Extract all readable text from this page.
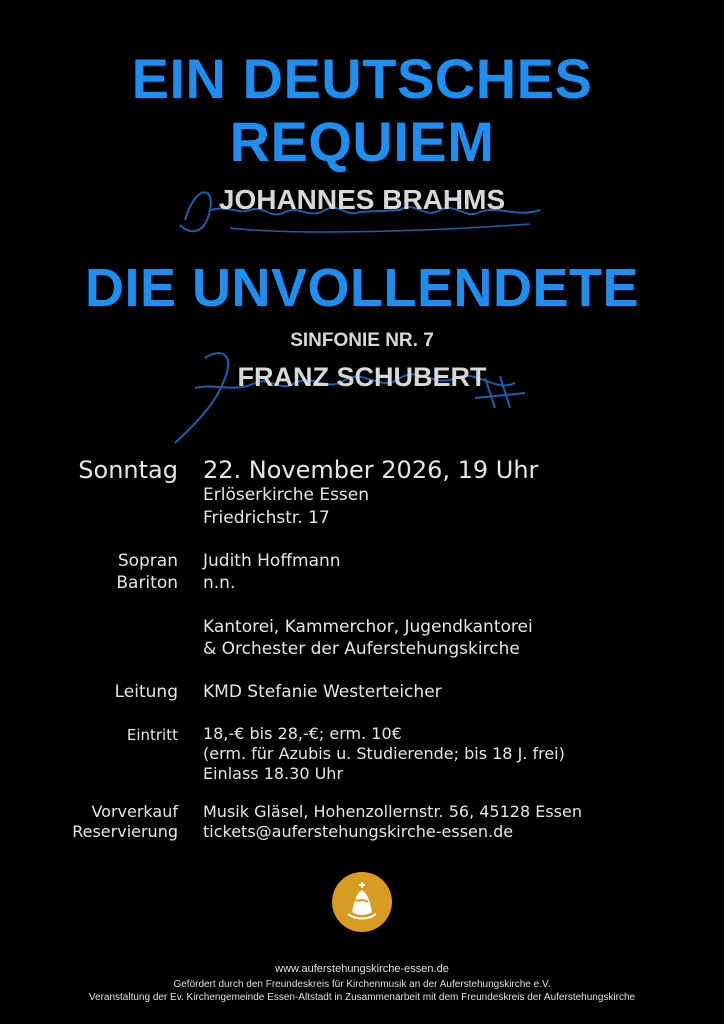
EIN DEUTSCHES
REQUIEM
JOHANNES BRAHMS
DIE UNVOLLENDETE
SINFONIE NR. 7
FRANZ SCHUBERT
Sonntag 22. November 2026, 19 Uhr
Erlöserkirche Essen
Friedrichstr. 17
Sopran Judith Hoffmann
Bariton n.n.
Kantorei, Kammerchor, Jugendkantorei
& Orchester der Auferstehungskirche
Leitung KMD Stefanie Westerteicher
Eintritt 18,-€ bis 28,-€; erm. 10€
(erm. für Azubis u. Studierende; bis 18 J. frei)
Einlass 18.30 Uhr
Vorverkauf Musik Gläsel, Hohenzollernstr. 56, 45128 Essen
Reservierung tickets@auferstehungskirche-essen.de
www.auferstehungskirche-essen.de
Gefördert durch den Freundeskreis für Kirchenmusik an der Auferstehungskirche e.V.
Veranstaltung der Ev. Kirchengemeinde Essen-Altstadt in Zusammenarbeit mit dem Freundeskreis der Auferstehungskirche
